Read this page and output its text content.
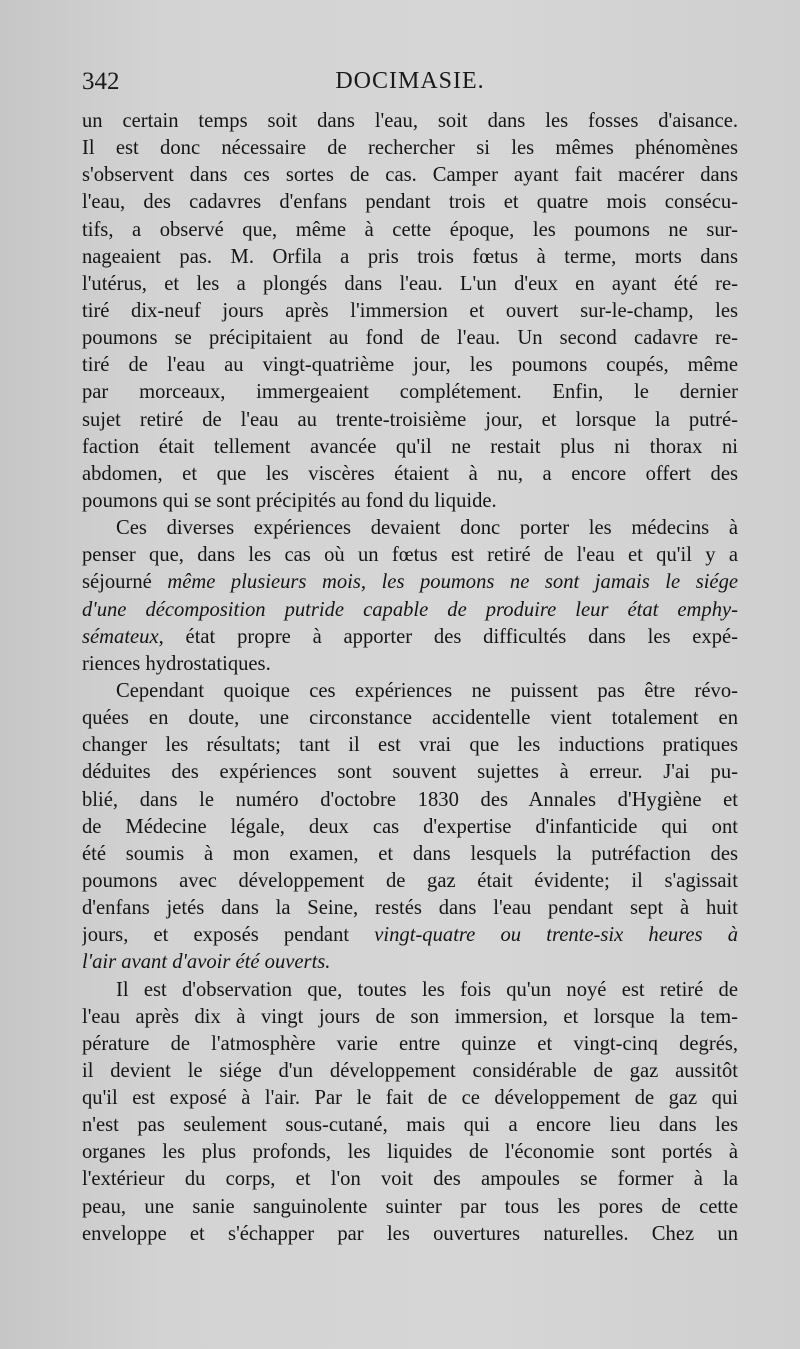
342	DOCIMASIE.
un certain temps soit dans l'eau, soit dans les fosses d'aisance.
Il est donc nécessaire de rechercher si les mêmes phénomènes
s'observent dans ces sortes de cas. Camper ayant fait macérer dans
l'eau, des cadavres d'enfans pendant trois et quatre mois consécu-
tifs, a observé que, même à cette époque, les poumons ne sur-
nageaient pas. M. Orfila a pris trois fœtus à terme, morts dans
l'utérus, et les a plongés dans l'eau. L'un d'eux en ayant été re-
tiré dix-neuf jours après l'immersion et ouvert sur-le-champ, les
poumons se précipitaient au fond de l'eau. Un second cadavre re-
tiré de l'eau au vingt-quatrième jour, les poumons coupés, même
par morceaux, immergeaient complétement. Enfin, le dernier
sujet retiré de l'eau au trente-troisième jour, et lorsque la putré-
faction était tellement avancée qu'il ne restait plus ni thorax ni
abdomen, et que les viscères étaient à nu, a encore offert des
poumons qui se sont précipités au fond du liquide.
Ces diverses expériences devaient donc porter les médecins à
penser que, dans les cas où un fœtus est retiré de l'eau et qu'il y a
séjourné même plusieurs mois, les poumons ne sont jamais le siége
d'une décomposition putride capable de produire leur état emphy-
sémateux, état propre à apporter des difficultés dans les expé-
riences hydrostatiques.
Cependant quoique ces expériences ne puissent pas être révo-
quées en doute, une circonstance accidentelle vient totalement en
changer les résultats; tant il est vrai que les inductions pratiques
déduites des expériences sont souvent sujettes à erreur. J'ai pu-
blié, dans le numéro d'octobre 1830 des Annales d'Hygiène et
de Médecine légale, deux cas d'expertise d'infanticide qui ont
été soumis à mon examen, et dans lesquels la putréfaction des
poumons avec développement de gaz était évidente; il s'agissait
d'enfans jetés dans la Seine, restés dans l'eau pendant sept à huit
jours, et exposés pendant vingt-quatre ou trente-six heures à
l'air avant d'avoir été ouverts.
Il est d'observation que, toutes les fois qu'un noyé est retiré de
l'eau après dix à vingt jours de son immersion, et lorsque la tem-
pérature de l'atmosphère varie entre quinze et vingt-cinq degrés,
il devient le siége d'un développement considérable de gaz aussitôt
qu'il est exposé à l'air. Par le fait de ce développement de gaz qui
n'est pas seulement sous-cutané, mais qui a encore lieu dans les
organes les plus profonds, les liquides de l'économie sont portés à
l'extérieur du corps, et l'on voit des ampoules se former à la
peau, une sanie sanguinolente suinter par tous les pores de cette
enveloppe et s'échapper par les ouvertures naturelles. Chez un
